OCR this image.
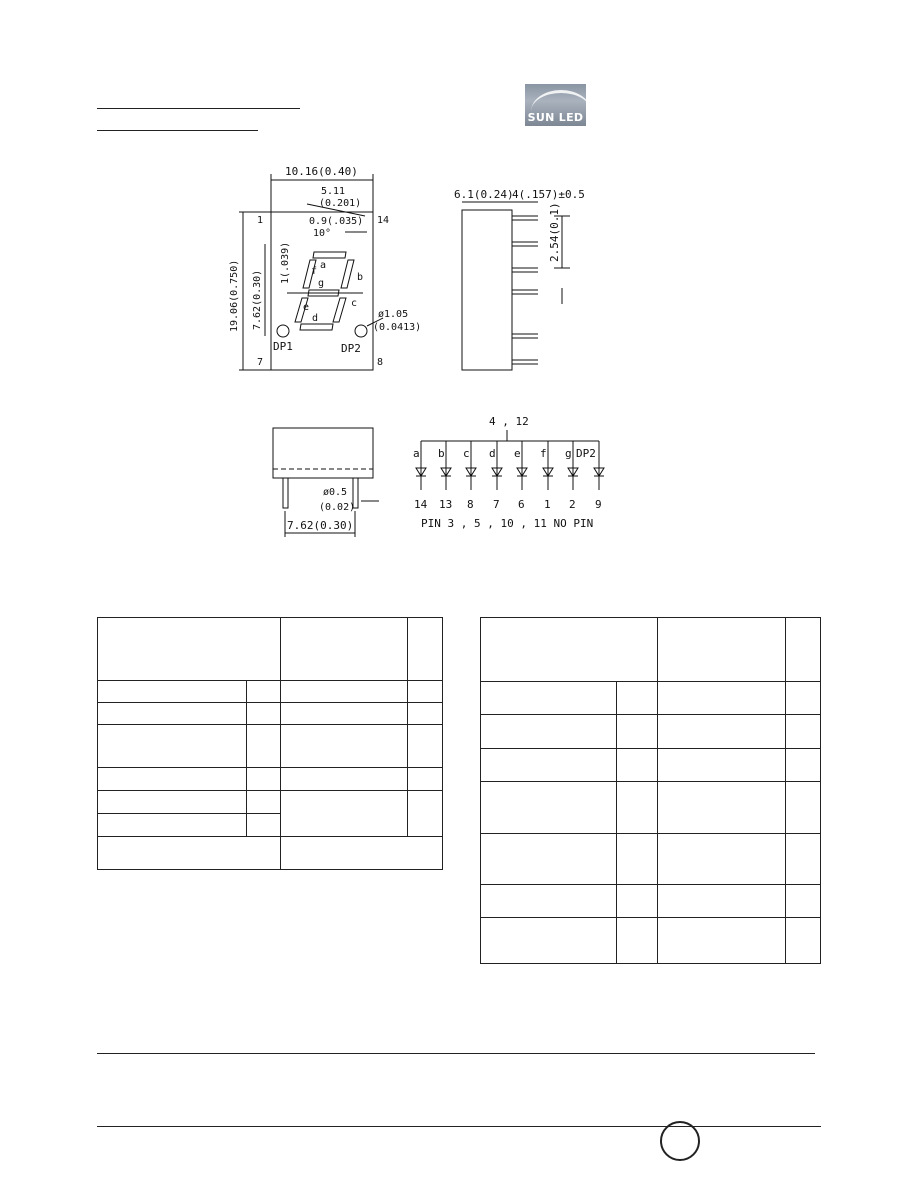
SUN LED
10.16(0.40)
5.11
(0.201)
0.9(.035)
10°
1	14
7	8
19.06(0.750) 7.62(0.30)
1(.039)
ø1.05
(0.0413)
DP1	DP2
a
b
c
d
e
f
g
6.1(0.24)
4(.157)±0.5
2.54(0.1)
ø0.5
(0.02)
7.62(0.30)
4 , 12
a b c d e f g DP2
14 13 8 7 6 1 2 9
PIN 3 , 5 , 10 , 11 NO PIN
